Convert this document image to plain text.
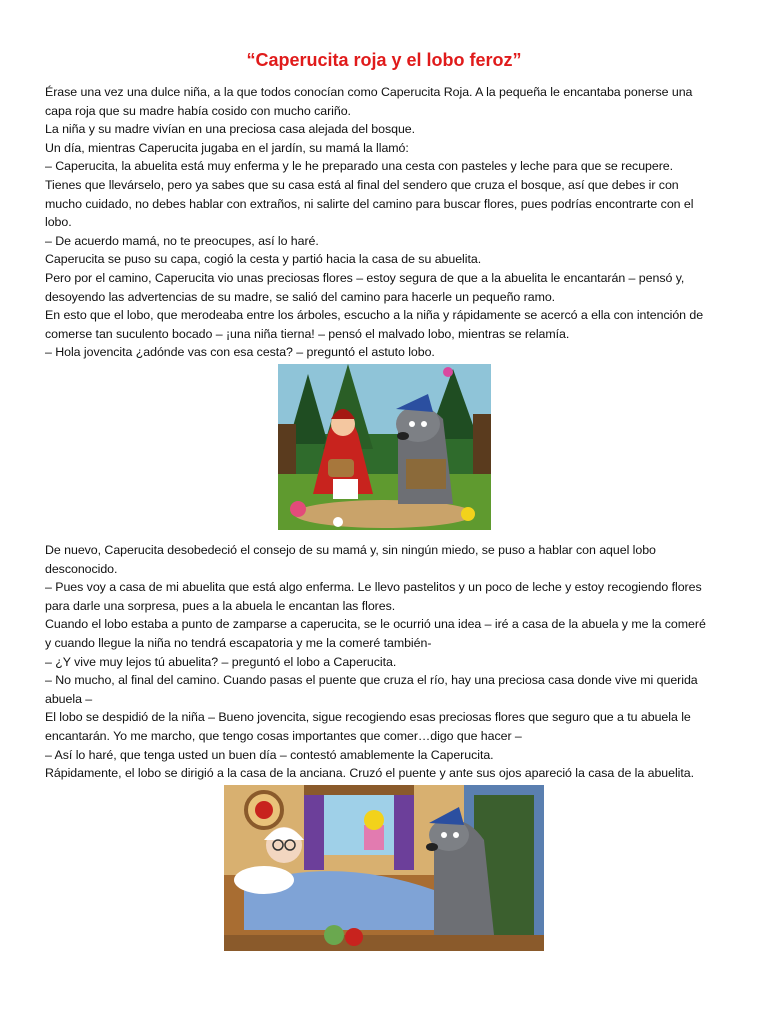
“Caperucita roja y el lobo feroz”

Érase una vez una dulce niña, a la que todos conocían como Caperucita Roja. A la pequeña le encantaba ponerse una

capa roja que su madre había cosido con mucho cariño.

La niña y su madre vivían en una preciosa casa alejada del bosque.

Un día, mientras Caperucita jugaba en el jardín, su mamá la llamó:

– Caperucita, la abuelita está muy enferma y le he preparado una cesta con pasteles y leche para que se recupere.

Tienes que llevárselo, pero ya sabes que su casa está al final del sendero que cruza el bosque, así que debes ir con

mucho cuidado, no debes hablar con extraños, ni salirte del camino para buscar flores, pues podrías encontrarte con el

lobo.

– De acuerdo mamá, no te preocupes, así lo haré.

Caperucita se puso su capa, cogió la cesta y partió hacia la casa de su abuelita.

Pero por el camino, Caperucita vio unas preciosas flores – estoy segura de que a la abuelita le encantarán – pensó y,

desoyendo las advertencias de su madre, se salió del camino para hacerle un pequeño ramo.

En esto que el lobo, que merodeaba entre los árboles, escucho a la niña y rápidamente se acercó a ella con intención de

comerse tan suculento bocado – ¡una niña tierna! – pensó el malvado lobo, mientras se relamía.

– Hola jovencita ¿adónde vas con esa cesta? – preguntó el astuto lobo.

De nuevo, Caperucita desobedeció el consejo de su mamá y, sin ningún miedo, se puso a hablar con aquel lobo

desconocido.

– Pues voy a casa de mi abuelita que está algo enferma. Le llevo pastelitos y un poco de leche y estoy recogiendo flores

para darle una sorpresa, pues a la abuela le encantan las flores.

Cuando el lobo estaba a punto de zamparse a caperucita, se le ocurrió una idea – iré a casa de la abuela y me la comeré

y cuando llegue la niña no tendrá escapatoria y me la comeré también-

– ¿Y vive muy lejos tú abuelita? – preguntó el lobo a Caperucita.

– No mucho, al final del camino. Cuando pasas el puente que cruza el río, hay una preciosa casa donde vive mi querida

abuela –

El lobo se despidió de la niña – Bueno jovencita, sigue recogiendo esas preciosas flores que seguro que a tu abuela le

encantarán. Yo me marcho, que tengo cosas importantes que comer…digo que hacer –

– Así lo haré, que tenga usted un buen día – contestó amablemente la Caperucita.

Rápidamente, el lobo se dirigió a la casa de la anciana. Cruzó el puente y ante sus ojos apareció la casa de la abuelita.
